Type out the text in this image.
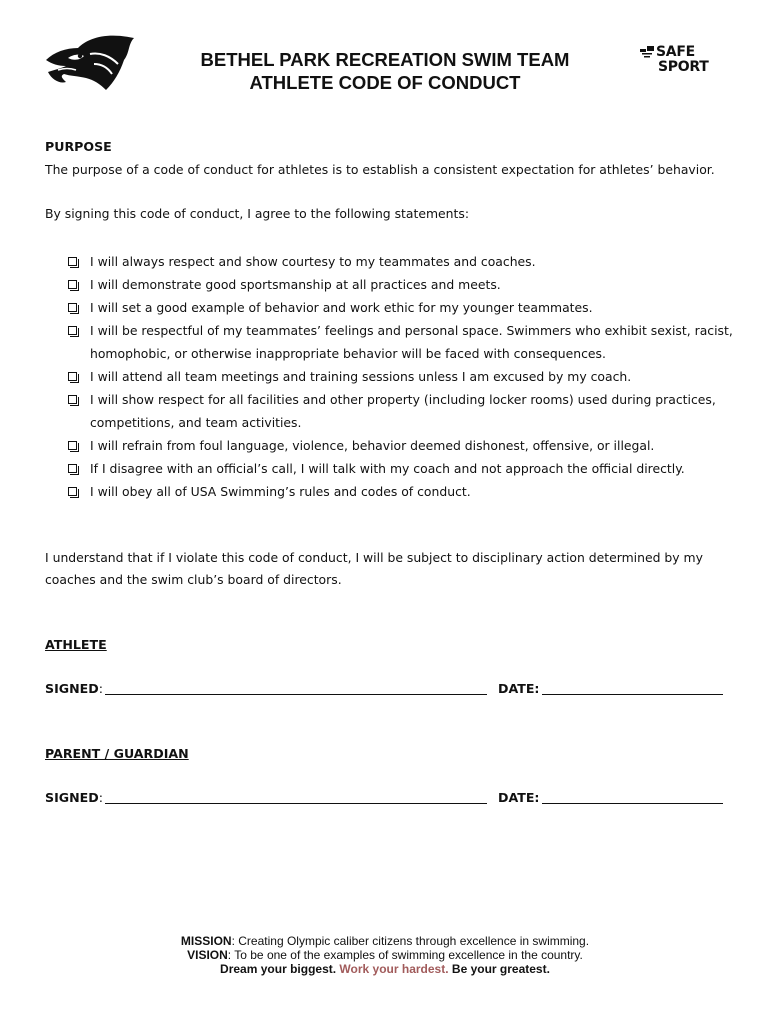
BETHEL PARK RECREATION SWIM TEAM
ATHLETE CODE OF CONDUCT
SAFE
SPORT
PURPOSE
The purpose of a code of conduct for athletes is to establish a consistent expectation for athletes’ behavior.
By signing this code of conduct, I agree to the following statements:
I will always respect and show courtesy to my teammates and coaches.
I will demonstrate good sportsmanship at all practices and meets.
I will set a good example of behavior and work ethic for my younger teammates.
I will be respectful of my teammates’ feelings and personal space. Swimmers who exhibit sexist, racist,
homophobic, or otherwise inappropriate behavior will be faced with consequences.
I will attend all team meetings and training sessions unless I am excused by my coach.
I will show respect for all facilities and other property (including locker rooms) used during practices,
competitions, and team activities.
I will refrain from foul language, violence, behavior deemed dishonest, offensive, or illegal.
If I disagree with an official’s call, I will talk with my coach and not approach the official directly.
I will obey all of USA Swimming’s rules and codes of conduct.
I understand that if I violate this code of conduct, I will be subject to disciplinary action determined by my
coaches and the swim club’s board of directors.
ATHLETE
SIGNED:	DATE:
PARENT / GUARDIAN
SIGNED:	DATE:
MISSION: Creating Olympic caliber citizens through excellence in swimming.
VISION: To be one of the examples of swimming excellence in the country.
Dream your biggest. Work your hardest. Be your greatest.
